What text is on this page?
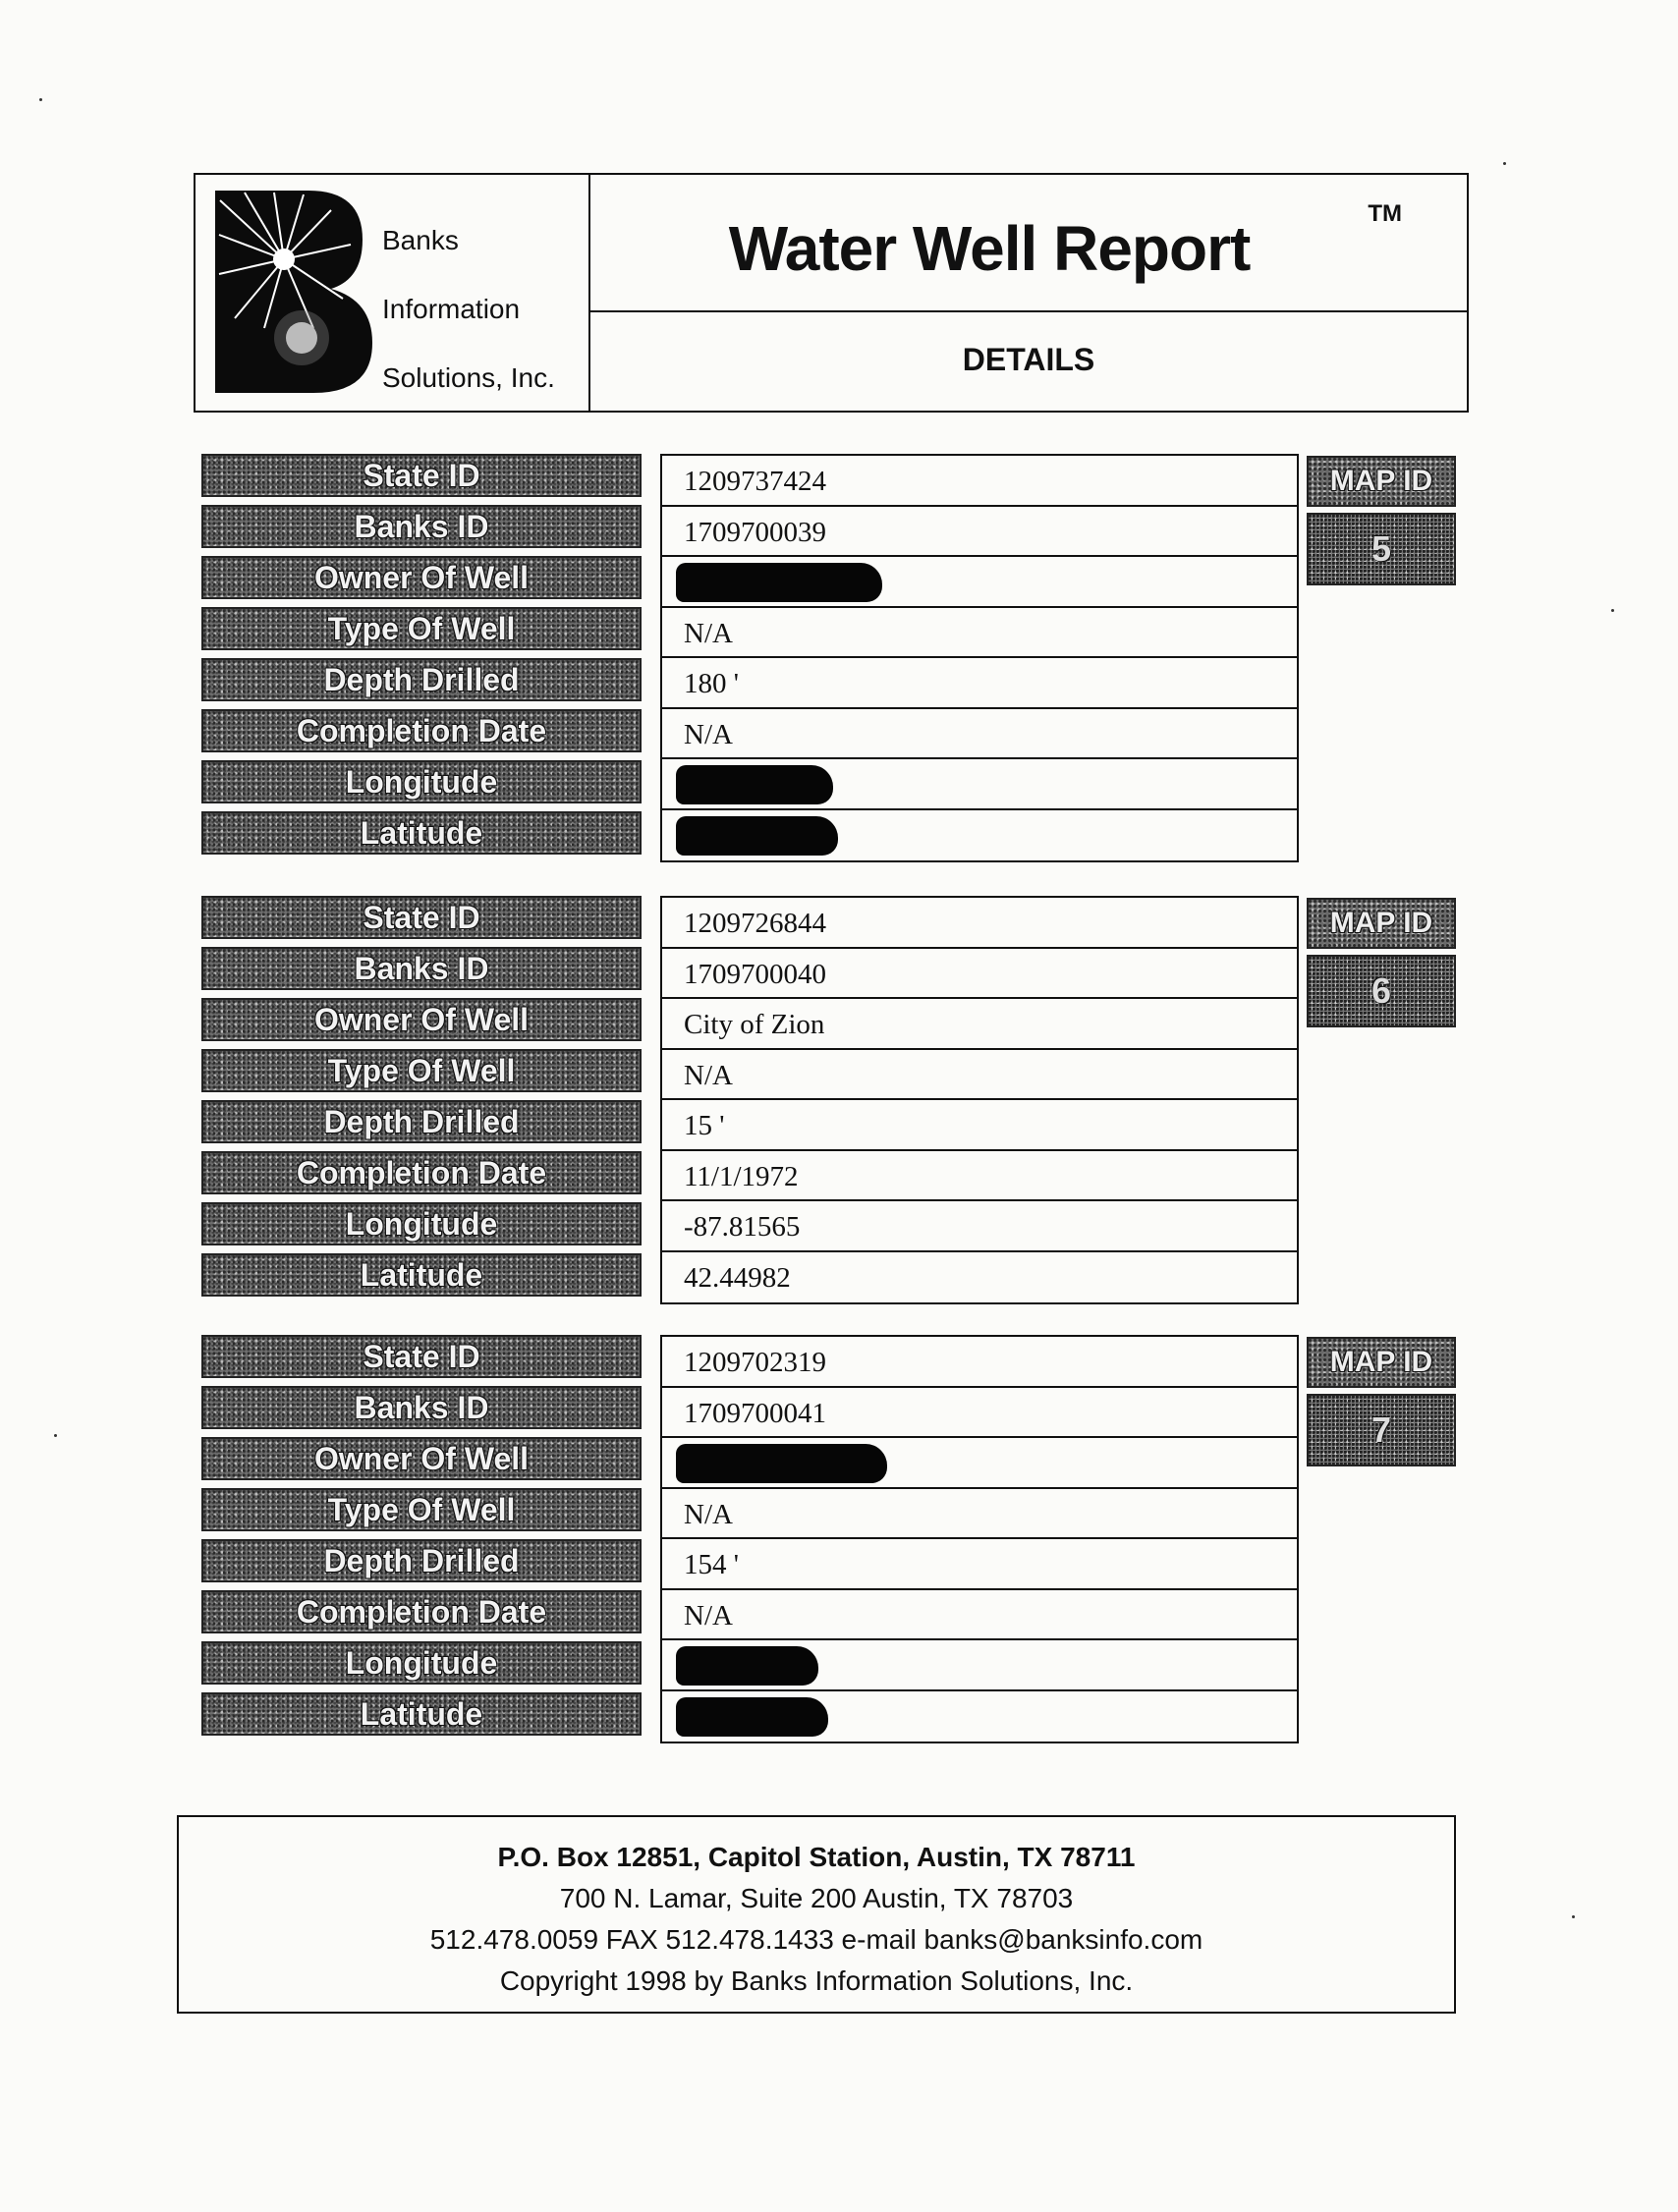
Banks
Information
Solutions, Inc.
Water Well Report	TM
DETAILS
State ID
Banks ID
Owner Of Well
Type Of Well
Depth Drilled
Completion Date
Longitude
Latitude
1209737424
1709700039
N/A
180 '
N/A
MAP ID
5
State ID
Banks ID
Owner Of Well
Type Of Well
Depth Drilled
Completion Date
Longitude
Latitude
1209726844
1709700040
City of Zion
N/A
15 '
11/1/1972
-87.81565
42.44982
MAP ID
6
State ID
Banks ID
Owner Of Well
Type Of Well
Depth Drilled
Completion Date
Longitude
Latitude
1209702319
1709700041
N/A
154 '
N/A
MAP ID
7
P.O. Box 12851, Capitol Station, Austin, TX 78711
700 N. Lamar, Suite 200 Austin, TX 78703
512.478.0059 FAX 512.478.1433 e-mail banks@banksinfo.com
Copyright 1998 by Banks Information Solutions, Inc.
